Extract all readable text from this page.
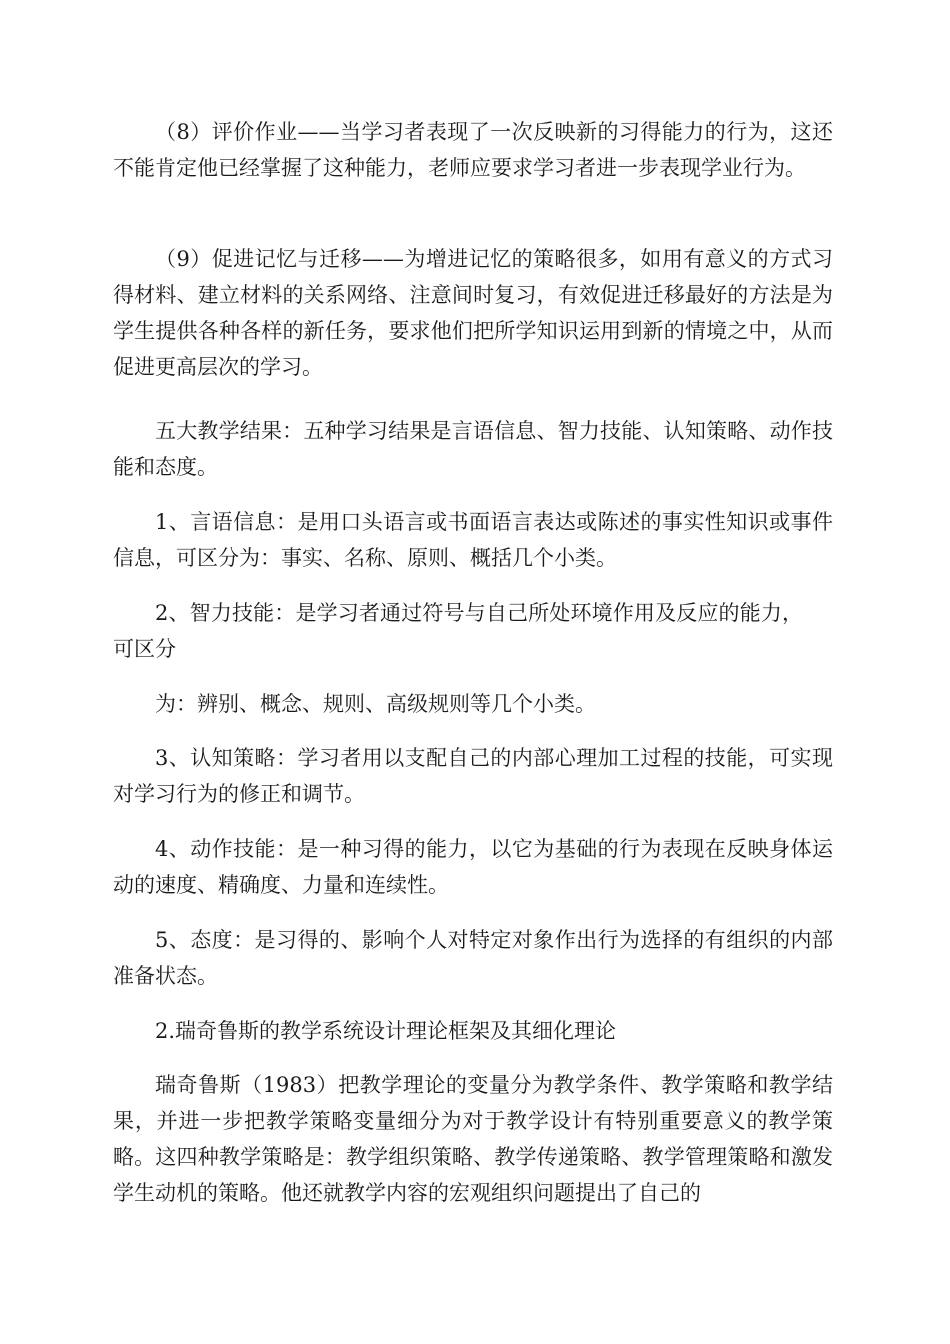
（8）评价作业——当学习者表现了一次反映新的习得能力的行为，这还不能肯定他已经掌握了这种能力，老师应要求学习者进一步表现学业行为。

（9）促进记忆与迁移——为增进记忆的策略很多，如用有意义的方式习得材料、建立材料的关系网络、注意间时复习，有效促进迁移最好的方法是为学生提供各种各样的新任务，要求他们把所学知识运用到新的情境之中，从而促进更高层次的学习。

五大教学结果：五种学习结果是言语信息、智力技能、认知策略、动作技能和态度。

1、言语信息：是用口头语言或书面语言表达或陈述的事实性知识或事件信息，可区分为：事实、名称、原则、概括几个小类。

2、智力技能：是学习者通过符号与自己所处环境作用及反应的能力，可区分

为：辨别、概念、规则、高级规则等几个小类。

3、认知策略：学习者用以支配自己的内部心理加工过程的技能，可实现对学习行为的修正和调节。

4、动作技能：是一种习得的能力，以它为基础的行为表现在反映身体运动的速度、精确度、力量和连续性。

5、态度：是习得的、影响个人对特定对象作出行为选择的有组织的内部准备状态。

2.瑞奇鲁斯的教学系统设计理论框架及其细化理论

瑞奇鲁斯（1983）把教学理论的变量分为教学条件、教学策略和教学结果，并进一步把教学策略变量细分为对于教学设计有特别重要意义的教学策略。这四种教学策略是：教学组织策略、教学传递策略、教学管理策略和激发学生动机的策略。他还就教学内容的宏观组织问题提出了自己的
